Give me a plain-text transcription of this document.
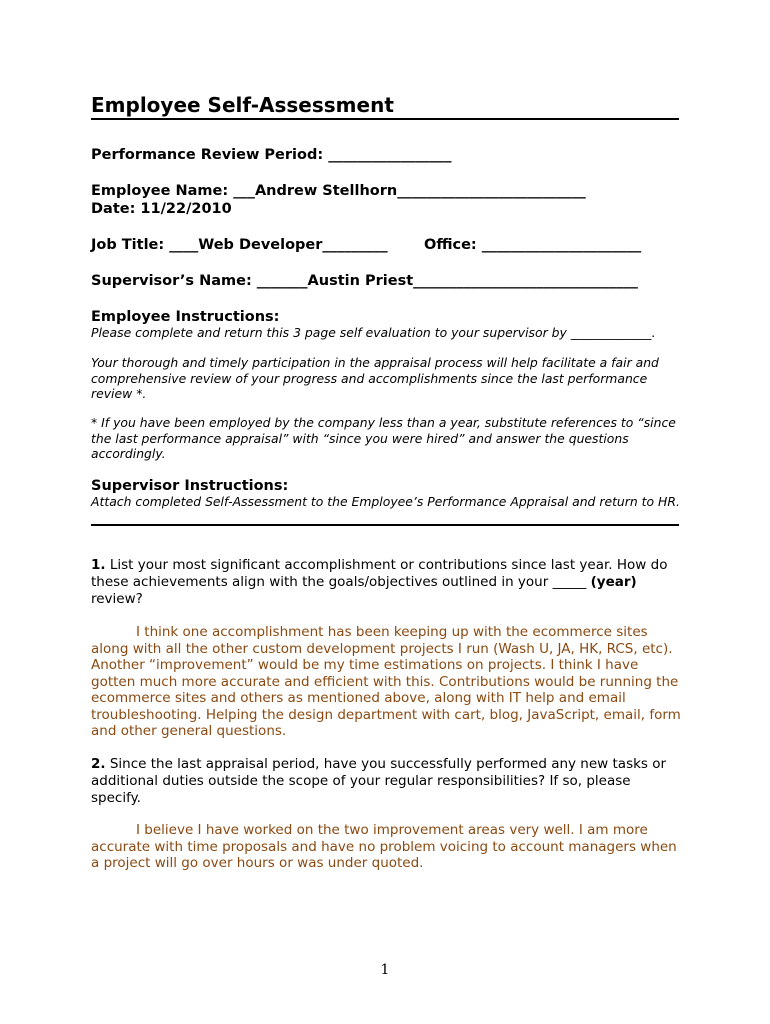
Employee Self-Assessment
Performance Review Period: _________________
Employee Name: ___Andrew Stellhorn__________________________
Date: 11/22/2010
Job Title: ____Web Developer_________	Office: ______________________
Supervisor’s Name: _______Austin Priest_______________________________
Employee Instructions:
Please complete and return this 3 page self evaluation to your supervisor by _____________.
Your thorough and timely participation in the appraisal process will help facilitate a fair and comprehensive review of your progress and accomplishments since the last performance review *.
* If you have been employed by the company less than a year, substitute references to “since the last performance appraisal” with “since you were hired” and answer the questions accordingly.
Supervisor Instructions:
Attach completed Self-Assessment to the Employee’s Performance Appraisal and return to HR.
1. List your most significant accomplishment or contributions since last year. How do these achievements align with the goals/objectives outlined in your _____ (year) review?
I think one accomplishment has been keeping up with the ecommerce sites along with all the other custom development projects I run (Wash U, JA, HK, RCS, etc). Another “improvement” would be my time estimations on projects. I think I have gotten much more accurate and efficient with this. Contributions would be running the ecommerce sites and others as mentioned above, along with IT help and email troubleshooting. Helping the design department with cart, blog, JavaScript, email, form and other general questions.
2. Since the last appraisal period, have you successfully performed any new tasks or additional duties outside the scope of your regular responsibilities? If so, please specify.
I believe I have worked on the two improvement areas very well. I am more accurate with time proposals and have no problem voicing to account managers when a project will go over hours or was under quoted.
1
